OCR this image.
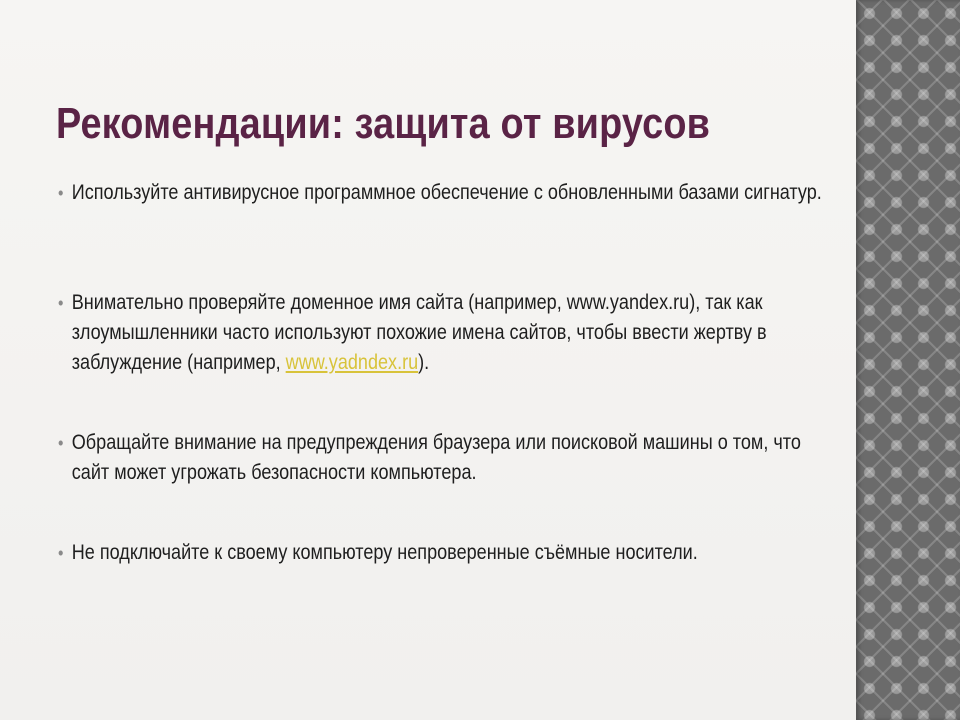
Рекомендации: защита от вирусов
• Используйте антивирусное программное обеспечение с обновленными базами сигнатур.
• Внимательно проверяйте доменное имя сайта (например, www.yandex.ru), так как злоумышленники часто используют похожие имена сайтов, чтобы ввести жертву в заблуждение (например, www.yadndex.ru).
• Обращайте внимание на предупреждения браузера или поисковой машины о том, что сайт может угрожать безопасности компьютера.
• Не подключайте к своему компьютеру непроверенные съёмные носители.
